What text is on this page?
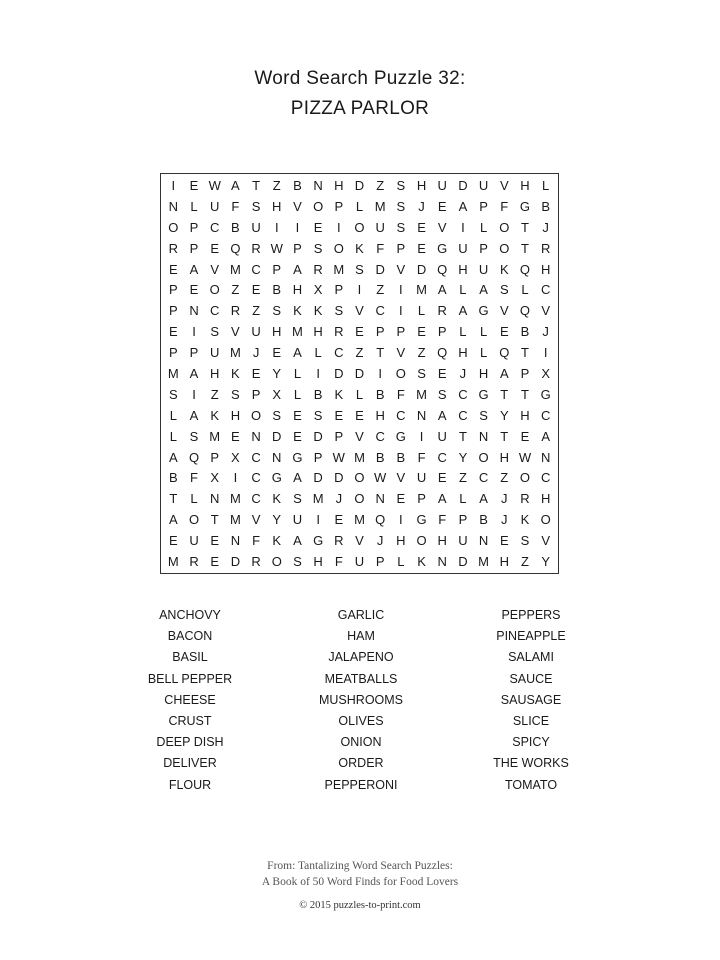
Word Search Puzzle 32:
PIZZA PARLOR
I	E W A T Z B N H D Z S H U D U V H L
N L U F S H V O P L M S	J	E A P F G B
O P C B U	I	I	E	I	O U S E V	I	L O T	J
R P E Q R W P S O K F P E G U P O T R
E A V M C P A R M S D V D Q H U K Q H
P E O Z E B H X P	I	Z	I	M A L A S L C
P N C R Z S K K S V C	I	L R A G V Q V
E	I	S V U H M H R E P P E P L	L E B	J
P P U M J	E A L C Z T V Z Q H L Q T	I
M A H K E Y L	I	D D	I	O S E	J H A P X
S	I	Z S P X L B K L B F M S C G T T G
L A K H O S E S E E H C N A C S Y H C
L S M E N D E D P V C G	I	U T N T E A
A Q P X C N G P W M B B F C Y O H W N
B F X	I	C G A D D O W V U E Z C Z O C
T	L N M C K S M J O N E P A L A	J R H
A O T M V Y U	I	E M Q	I	G F P B	J	K O
E U E N F K A G R V	J H O H U N E S V
M R E D R O S H F U P L K N D M H Z Y
ANCHOVY
BACON
BASIL
BELL PEPPER
CHEESE
CRUST
DEEP DISH
DELIVER
FLOUR
GARLIC
HAM
JALAPENO
MEATBALLS
MUSHROOMS
OLIVES
ONION
ORDER
PEPPERONI
PEPPERS
PINEAPPLE
SALAMI
SAUCE
SAUSAGE
SLICE
SPICY
THE WORKS
TOMATO
From: Tantalizing Word Search Puzzles:
A Book of 50 Word Finds for Food Lovers
© 2015 puzzles-to-print.com
